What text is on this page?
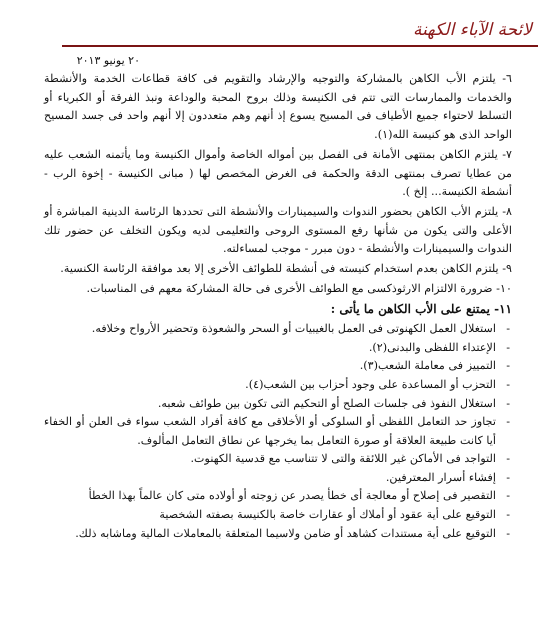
لائحة الآباء الكهنة
٢٠ يونيو ٢٠١٣

٦- يلتزم الأب الكاهن بالمشاركة والتوجيه والإرشاد والتقويم فى كافة قطاعات الخدمة والأنشطة والخدمات والممارسات التى تتم فى الكنيسة وذلك بروح المحبة والوداعة ونبذ الفرقة أو الكبرياء أو التسلط لاحتواء جميع الأطياف فى المسيح يسوع إذ أنهم وهم متعددون إلا أنهم واحد فى جسد المسيح الواحد الذى هو كنيسة الله(١).

٧- يلتزم الكاهن بمنتهى الأمانة فى الفصل بين أمواله الخاصة وأموال الكنيسة وما يأتمنه الشعب عليه من عطايا تصرف بمنتهى الدقة والحكمة فى الغرض المخصص لها ( مبانى الكنيسة - إخوة الرب - أنشطة الكنيسة... إلخ ).

٨- يلتزم الأب الكاهن بحضور الندوات والسيمينارات والأنشطة التى تحددها الرئاسة الدينية المباشرة أو الأعلى والتى يكون من شأنها رفع المستوى الروحى والتعليمى لديه ويكون التخلف عن حضور تلك الندوات والسيمينارات والأنشطة - دون مبرر - موجب لمساءلته.

٩- يلتزم الكاهن بعدم استخدام كنيسته فى أنشطة للطوائف الأخرى إلا بعد موافقة الرئاسة الكنسية.

١٠- ضرورة الالتزام الارثوذكسى مع الطوائف الأخرى فى حالة المشاركة معهم فى المناسبات.

١١- يمتنع على الأب الكاهن ما يأتى :

-
استغلال العمل الكهنوتى فى العمل بالغيبيات أو السحر والشعوذة وتحضير الأرواح وخلافه.
-
الإعتداء اللفظى والبدنى(٢).
-
التمييز فى معاملة الشعب(٣).
-
التحزب أو المساعدة على وجود أحزاب بين الشعب(٤).
-
استغلال النفوذ فى جلسات الصلح أو التحكيم التى تكون بين طوائف شعبه.
-
تجاوز حد التعامل اللفظى أو السلوكى أو الأخلاقى مع كافة أفراد الشعب سواء فى العلن أو الخفاء أيا كانت طبيعة العلاقة أو صورة التعامل بما يخرجها عن نطاق التعامل المألوف.
-
التواجد فى الأماكن غير اللائقة والتى لا تتناسب مع قدسية الكهنوت.
-
إفشاء أسرار المعترفين.
-
التقصير فى إصلاح أو معالجة أى خطأ يصدر عن زوجته أو أولاده متى كان عالماً بهذا الخطأ
-
التوقيع على أية عقود أو أملاك أو عقارات خاصة بالكنيسة بصفته الشخصية
-
التوقيع على أية مستندات كشاهد أو ضامن ولاسيما المتعلقة بالمعاملات المالية وماشابه ذلك.
